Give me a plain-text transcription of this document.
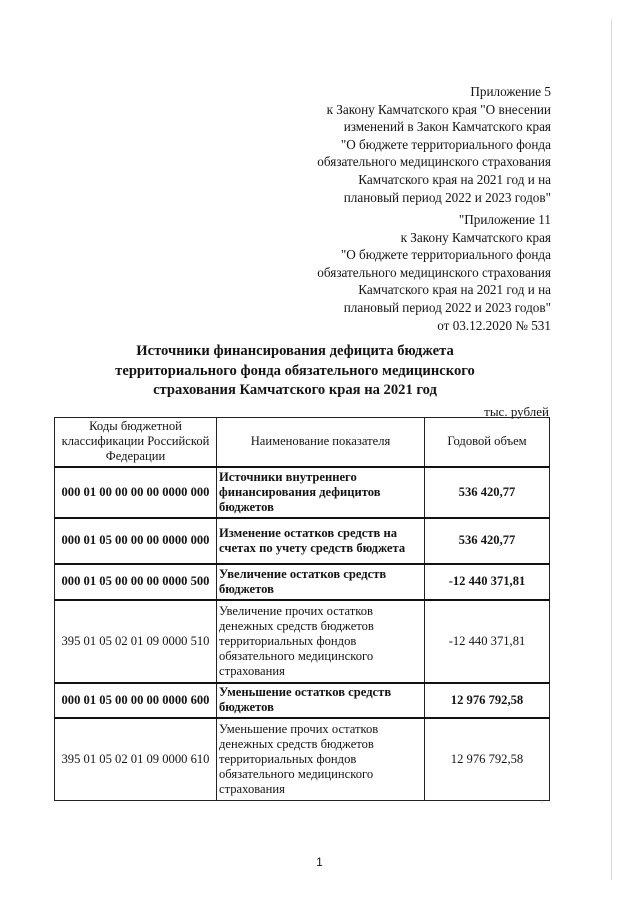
Приложение 5
к Закону Камчатского края "О внесении
изменений в Закон Камчатского края
"О бюджете территориального фонда
обязательного медицинского страхования
Камчатского края на 2021 год и на
плановый период 2022 и 2023 годов"
"Приложение 11
к Закону Камчатского края
"О бюджете территориального фонда
обязательного медицинского страхования
Камчатского края на 2021 год и на
плановый период 2022 и 2023 годов"
от 03.12.2020 № 531
Источники финансирования дефицита бюджета
территориального фонда обязательного медицинского
страхования Камчатского края на 2021 год
тыс. рублей
Коды бюджетной классификации Российской Федерации	Наименование показателя	Годовой объем
000 01 00 00 00 00 0000 000	Источники внутреннего финансирования дефицитов бюджетов	536 420,77
000 01 05 00 00 00 0000 000	Изменение остатков средств на счетах по учету средств бюджета	536 420,77
000 01 05 00 00 00 0000 500	Увеличение остатков средств бюджетов	-12 440 371,81
395 01 05 02 01 09 0000 510	Увеличение прочих остатков денежных средств бюджетов территориальных фондов обязательного медицинского страхования	-12 440 371,81
000 01 05 00 00 00 0000 600	Уменьшение остатков средств бюджетов	12 976 792,58
395 01 05 02 01 09 0000 610	Уменьшение прочих остатков денежных средств бюджетов территориальных фондов обязательного медицинского страхования	12 976 792,58
·
1
